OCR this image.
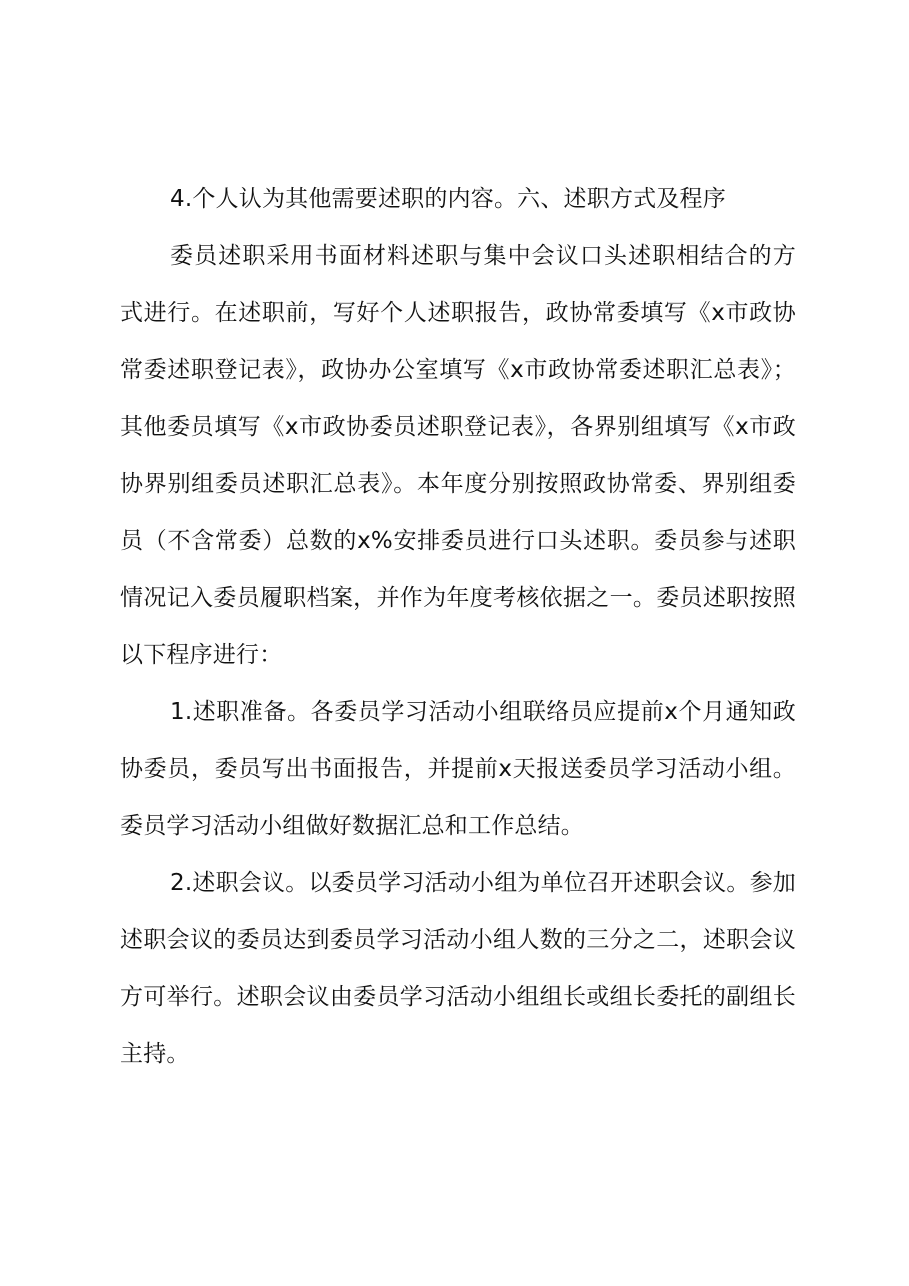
4.个人认为其他需要述职的内容。六、述职方式及程序

委员述职采用书面材料述职与集中会议口头述职相结合的方式进行。在述职前，写好个人述职报告，政协常委填写《x市政协常委述职登记表》，政协办公室填写《x市政协常委述职汇总表》；其他委员填写《x市政协委员述职登记表》，各界别组填写《x市政协界别组委员述职汇总表》。本年度分别按照政协常委、界别组委员（不含常委）总数的x%安排委员进行口头述职。委员参与述职情况记入委员履职档案，并作为年度考核依据之一。委员述职按照以下程序进行：

1.述职准备。各委员学习活动小组联络员应提前x个月通知政协委员，委员写出书面报告，并提前x天报送委员学习活动小组。委员学习活动小组做好数据汇总和工作总结。

2.述职会议。以委员学习活动小组为单位召开述职会议。参加述职会议的委员达到委员学习活动小组人数的三分之二，述职会议方可举行。述职会议由委员学习活动小组组长或组长委托的副组长主持。
